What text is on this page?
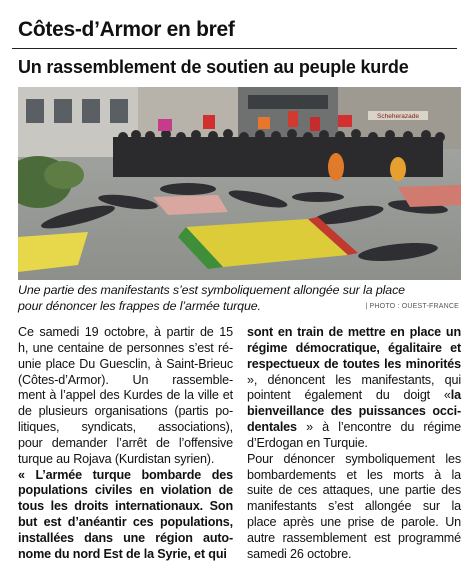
Côtes-d’Armor en bref
Un rassemblement de soutien au peuple kurde
Scheherazade
Une partie des manifestants s’est symboliquement allongée sur la place
pour dénoncer les frappes de l’armée turque.	| PHOTO : OUEST-FRANCE
Ce samedi 19 octobre, à partir de 15
h, une centaine de personnes s’est ré-
unie place Du Guesclin, à Saint-Brieuc
(Côtes-d’Armor). Un rassemble-
ment à l’appel des Kurdes de la ville et
de plusieurs organisations (partis po-
litiques, syndicats, associations),
pour demander l’arrêt de l’offensive
turque au Rojava (Kurdistan syrien).
« L’armée turque bombarde des
populations civiles en violation de
tous les droits internationaux. Son
but est d’anéantir ces populations,
installées dans une région auto-
nome du nord Est de la Syrie, et qui
sont en train de mettre en place un
régime démocratique, égalitaire et
respectueux de toutes les minorités
», dénoncent les manifestants, qui
pointent également du doigt «la
bienveillance des puissances occi-
dentales » à l’encontre du régime
d’Erdogan en Turquie.
Pour dénoncer symboliquement les
bombardements et les morts à la
suite de ces attaques, une partie des
manifestants s’est allongée sur la
place après une prise de parole. Un
autre rassemblement est programmé
samedi 26 octobre.
